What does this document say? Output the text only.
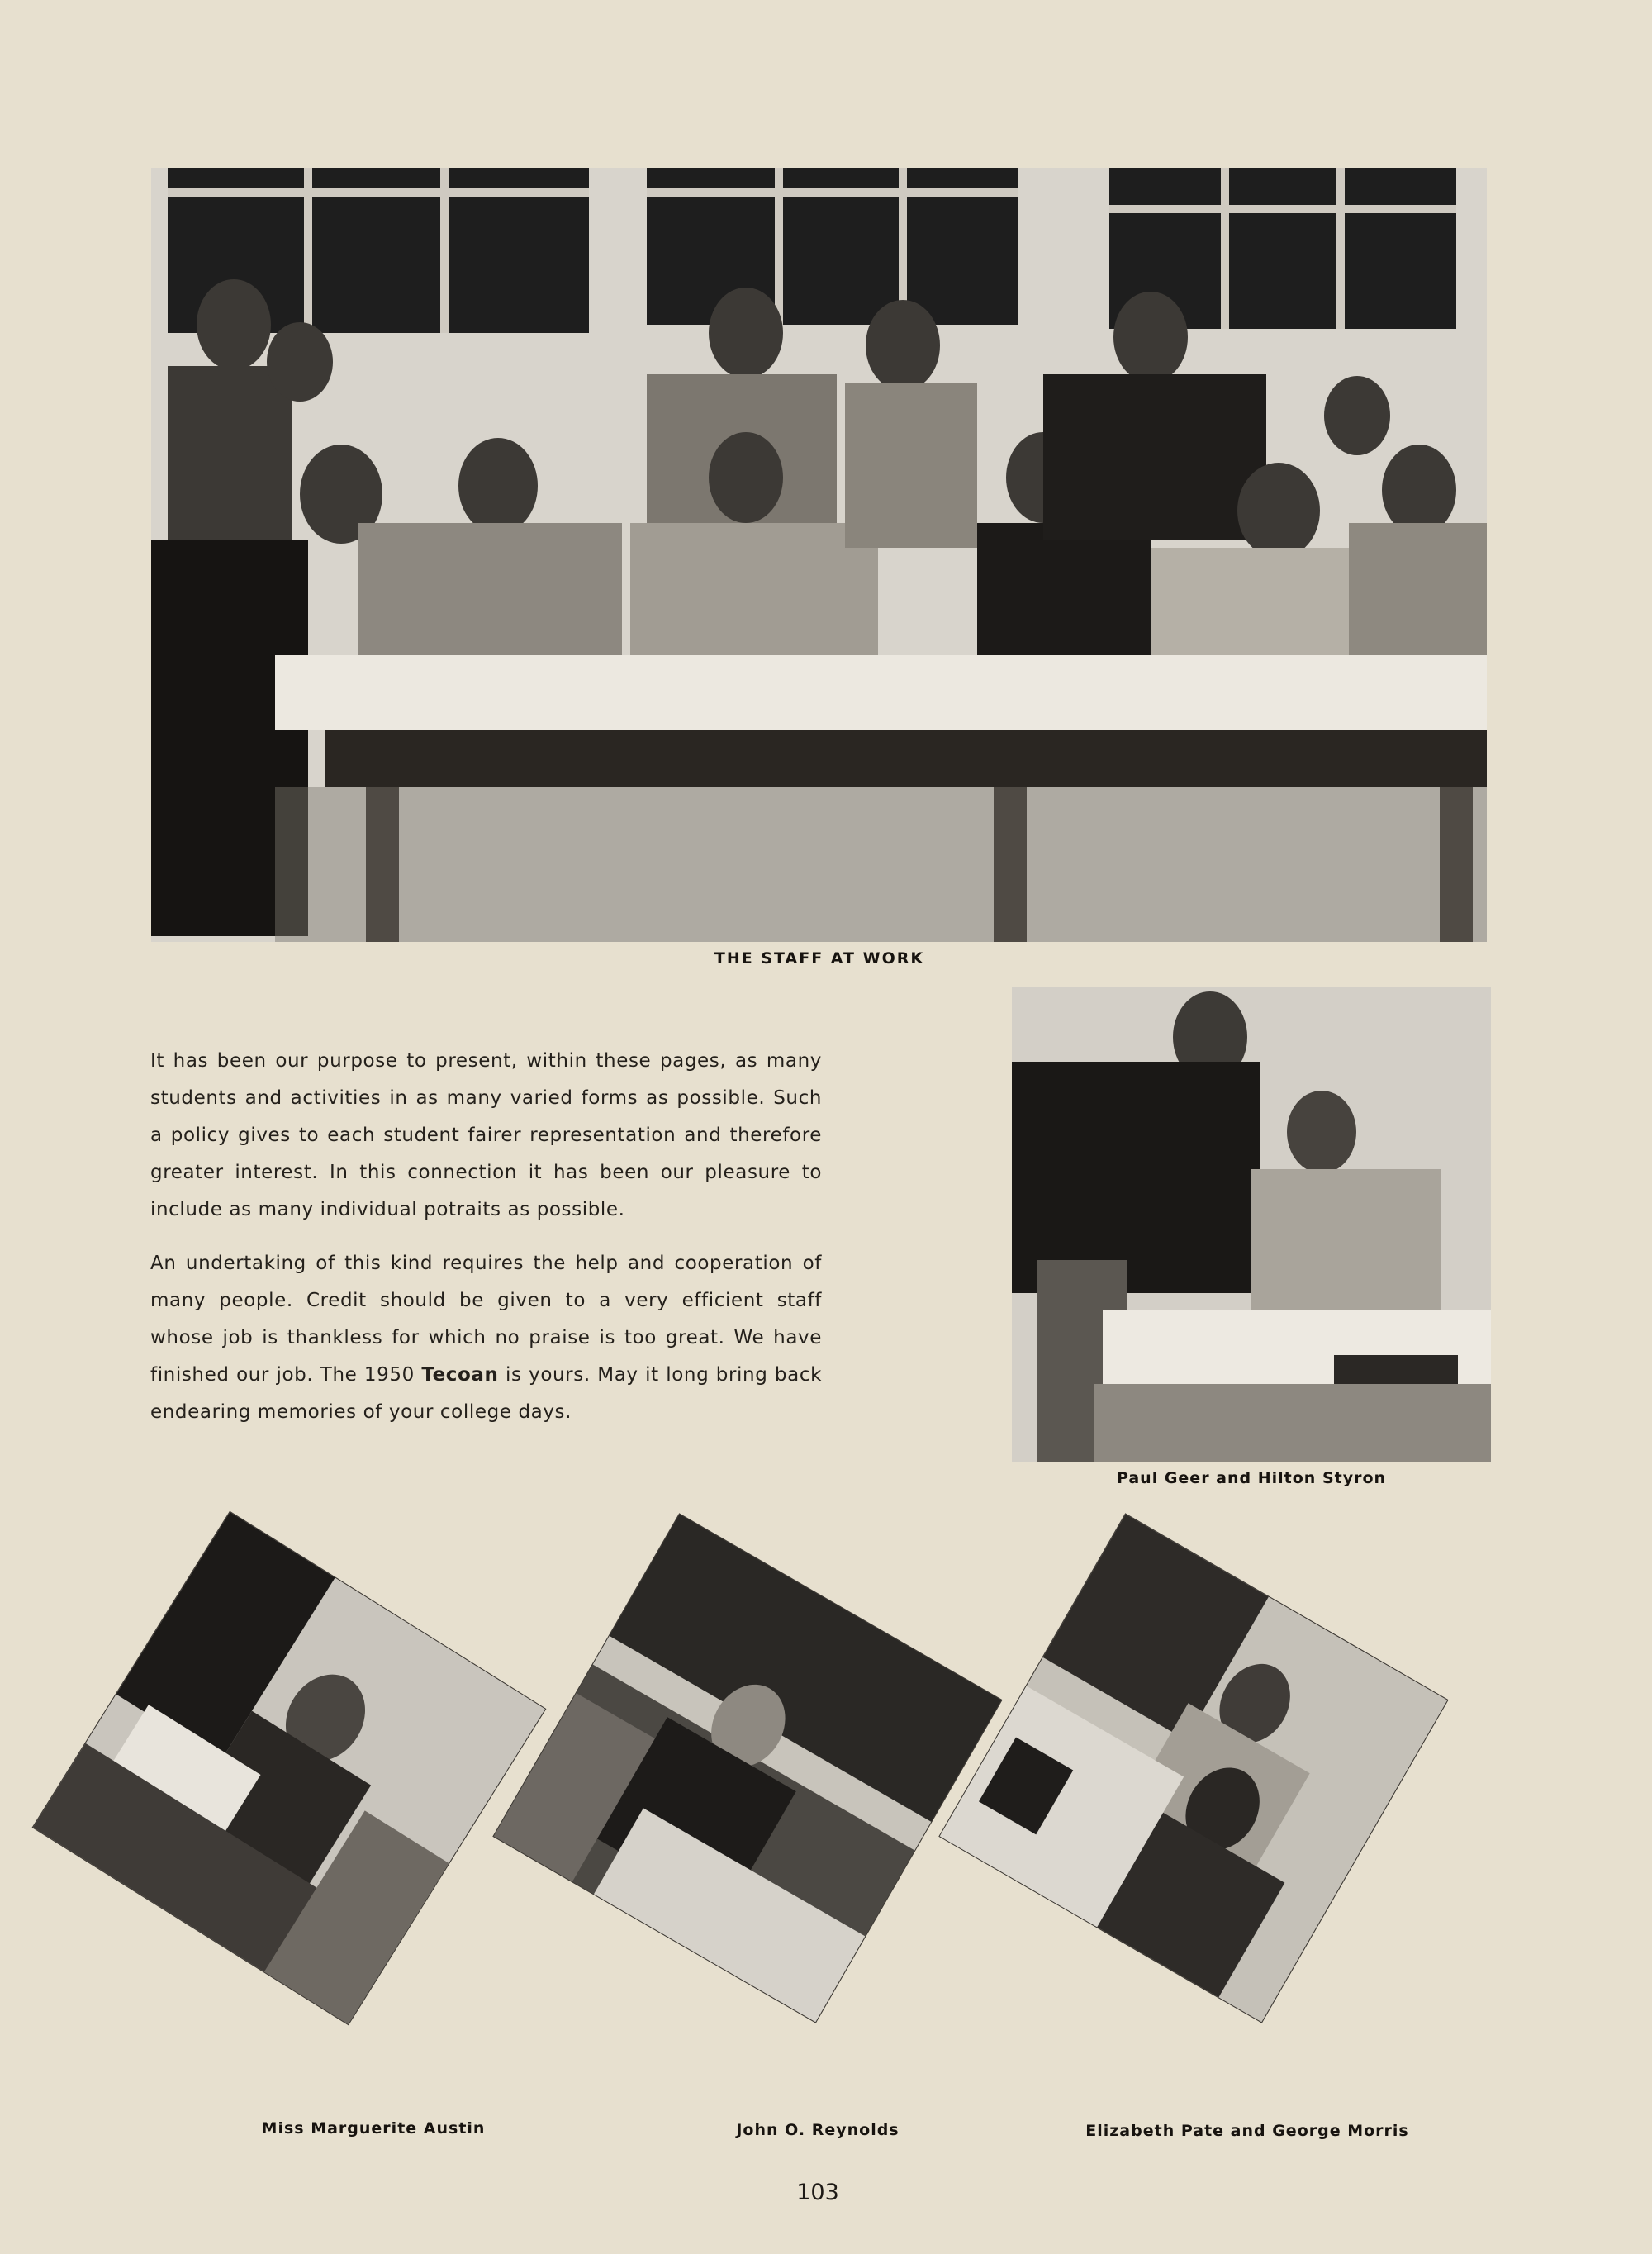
THE STAFF AT WORK

It has been our purpose to present, within these pages, as many students and activities in as many varied forms as possible. Such a policy gives to each student fairer representation and therefore greater interest. In this connection it has been our pleasure to include as many individual potraits as possible.

An undertaking of this kind requires the help and cooperation of many people. Credit should be given to a very efficient staff whose job is thankless for which no praise is too great. We have finished our job. The 1950 Tecoan is yours. May it long bring back endearing memories of your college days.

Paul Geer and Hilton Styron
Miss Marguerite Austin	John O. Reynolds	Elizabeth Pate and George Morris
103
